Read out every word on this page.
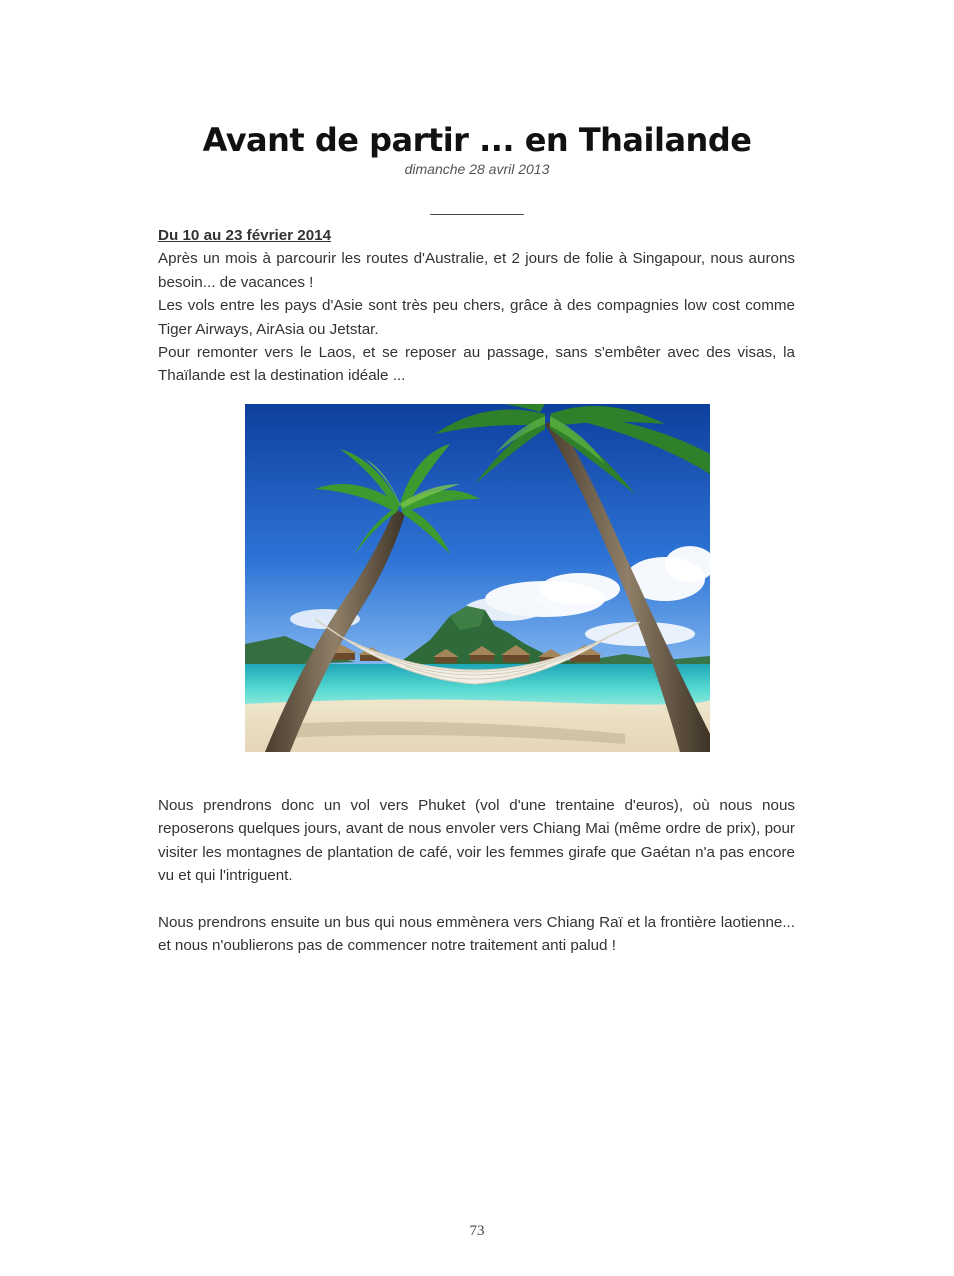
Avant de partir ... en Thailande
dimanche 28 avril 2013
____________
Du 10 au 23 février 2014

Après un mois à parcourir les routes d'Australie, et 2 jours de folie à Singapour, nous aurons besoin... de vacances !

Les vols entre les pays d'Asie sont très peu chers, grâce à des compagnies low cost comme Tiger Airways, AirAsia ou Jetstar.

Pour remonter vers le Laos, et se reposer au passage, sans s'embêter avec des visas, la Thaïlande est la destination idéale ...

Nous prendrons donc un vol vers Phuket (vol d'une trentaine d'euros), où nous nous reposerons quelques jours, avant de nous envoler vers Chiang Mai (même ordre de prix), pour visiter les montagnes de plantation de café, voir les femmes girafe que Gaétan n'a pas encore vu et qui l'intriguent.

Nous prendrons ensuite un bus qui nous emmènera vers Chiang Raï et la frontière laotienne... et nous n'oublierons pas de commencer notre traitement anti palud !

73
